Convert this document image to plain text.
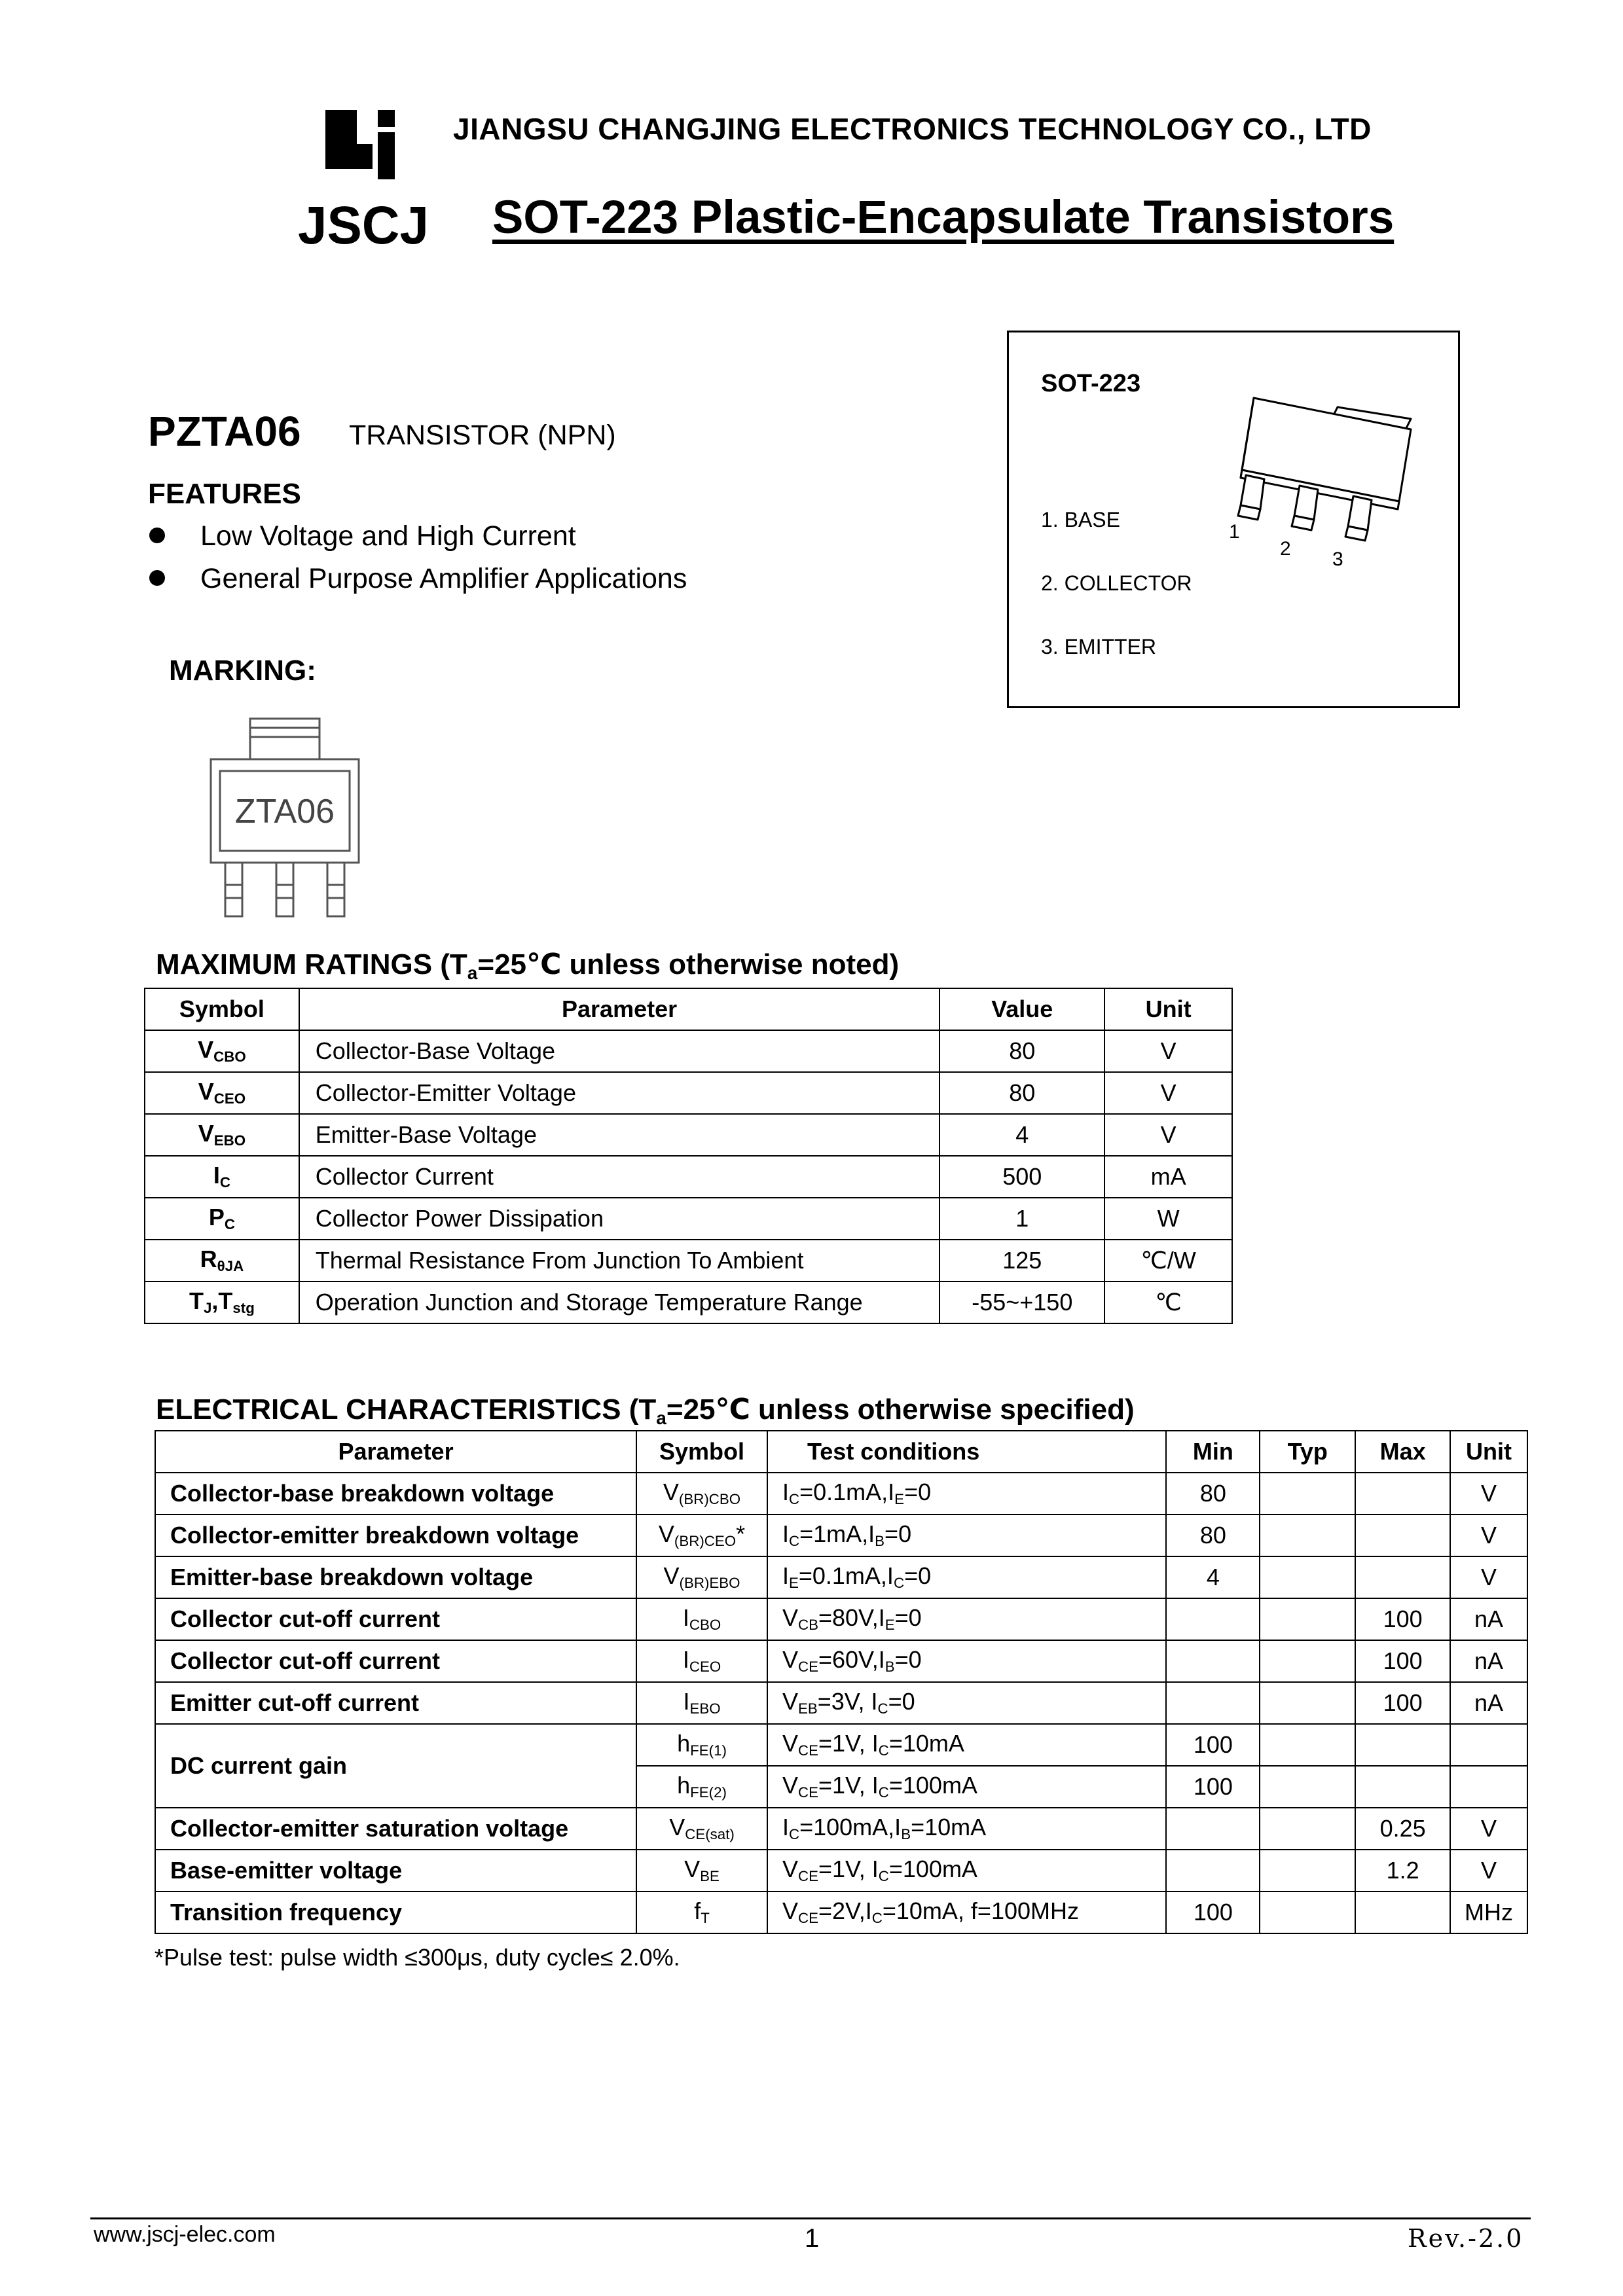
JSCJ
JIANGSU CHANGJING ELECTRONICS TECHNOLOGY CO., LTD
SOT-223 Plastic-Encapsulate Transistors
PZTA06 TRANSISTOR (NPN)
FEATURES
Low Voltage and High Current
General Purpose Amplifier Applications
MARKING:
ZTA06
SOT-223
1. BASE
2. COLLECTOR
3. EMITTER
1
2 3
MAXIMUM RATINGS ($T_a=25℃$ unless otherwise noted)
Symbol	Parameter	Value	Unit
$V_{CBO}$	Collector-Base Voltage	80	V
$V_{CEO}$	Collector-Emitter Voltage	80	V
$V_{EBO}$	Emitter-Base Voltage	4	V
$I_C$	Collector Current	500	mA
$P_C$	Collector Power Dissipation	1	W
$R_{\theta JA}$	Thermal Resistance From Junction To Ambient	125	℃/W
$T_J,T_{stg}$	Operation Junction and Storage Temperature Range	-55~+150	℃
ELECTRICAL CHARACTERISTICS ($T_a=25℃$ unless otherwise specified)
Parameter	Symbol	Test conditions	Min	Typ	Max	Unit
Collector-base breakdown voltage	$V_{(BR)CBO}$	$I_C=0.1mA,I_E=0$	80			V
Collector-emitter breakdown voltage	$V_{(BR)CEO}*$	$I_C=1mA,I_B=0$	80			V
Emitter-base breakdown voltage	$V_{(BR)EBO}$	$I_E=0.1mA,I_C=0$	4			V
Collector cut-off current	$I_{CBO}$	$V_{CB}=80V,I_E=0$			100	nA
Collector cut-off current	$I_{CEO}$	$V_{CE}=60V,I_B=0$			100	nA
Emitter cut-off current	$I_{EBO}$	$V_{EB}=3V$, $I_C=0$			100	nA
DC current gain	$h_{FE(1)}$	$V_{CE}=1V$, $I_C=10mA$	100			
	$h_{FE(2)}$	$V_{CE}=1V$, $I_C=100mA$	100			
Collector-emitter saturation voltage	$V_{CE(sat)}$	$I_C=100mA,I_B=10mA$			0.25	V
Base-emitter voltage	$V_{BE}$	$V_{CE}=1V$, $I_C=100mA$			1.2	V
Transition frequency	$f_T$	$V_{CE}=2V,I_C=10mA$, f=100MHz	100			MHz
*Pulse test: pulse width ≤300μs, duty cycle≤ 2.0%.
www.jscj-elec.com	1	Rev.-2.0
